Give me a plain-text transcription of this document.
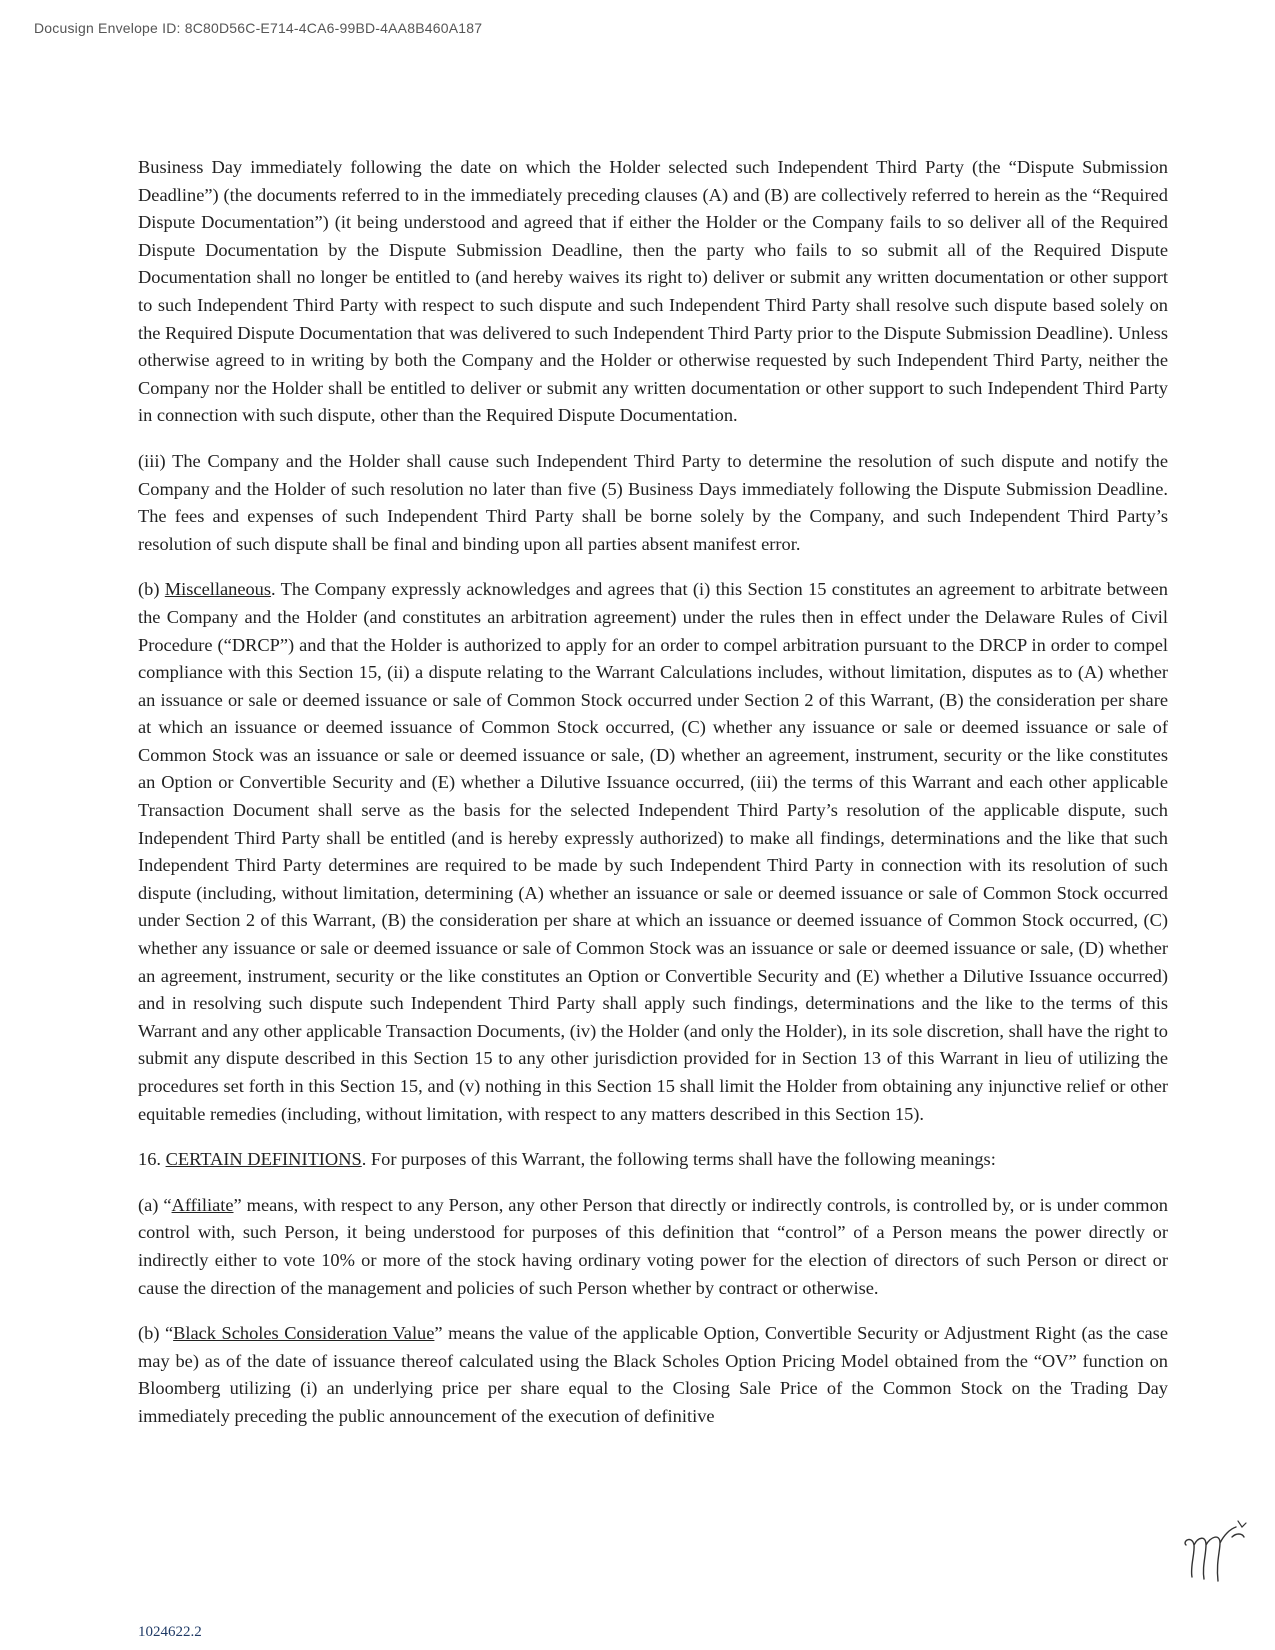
Docusign Envelope ID: 8C80D56C-E714-4CA6-99BD-4AA8B460A187

Business Day immediately following the date on which the Holder selected such Independent Third Party (the “Dispute Submission Deadline”) (the documents referred to in the immediately preceding clauses (A) and (B) are collectively referred to herein as the “Required Dispute Documentation”) (it being understood and agreed that if either the Holder or the Company fails to so deliver all of the Required Dispute Documentation by the Dispute Submission Deadline, then the party who fails to so submit all of the Required Dispute Documentation shall no longer be entitled to (and hereby waives its right to) deliver or submit any written documentation or other support to such Independent Third Party with respect to such dispute and such Independent Third Party shall resolve such dispute based solely on the Required Dispute Documentation that was delivered to such Independent Third Party prior to the Dispute Submission Deadline). Unless otherwise agreed to in writing by both the Company and the Holder or otherwise requested by such Independent Third Party, neither the Company nor the Holder shall be entitled to deliver or submit any written documentation or other support to such Independent Third Party in connection with such dispute, other than the Required Dispute Documentation.

(iii) The Company and the Holder shall cause such Independent Third Party to determine the resolution of such dispute and notify the Company and the Holder of such resolution no later than five (5) Business Days immediately following the Dispute Submission Deadline. The fees and expenses of such Independent Third Party shall be borne solely by the Company, and such Independent Third Party’s resolution of such dispute shall be final and binding upon all parties absent manifest error.

(b) Miscellaneous. The Company expressly acknowledges and agrees that (i) this Section 15 constitutes an agreement to arbitrate between the Company and the Holder (and constitutes an arbitration agreement) under the rules then in effect under the Delaware Rules of Civil Procedure (“DRCP”) and that the Holder is authorized to apply for an order to compel arbitration pursuant to the DRCP in order to compel compliance with this Section 15, (ii) a dispute relating to the Warrant Calculations includes, without limitation, disputes as to (A) whether an issuance or sale or deemed issuance or sale of Common Stock occurred under Section 2 of this Warrant, (B) the consideration per share at which an issuance or deemed issuance of Common Stock occurred, (C) whether any issuance or sale or deemed issuance or sale of Common Stock was an issuance or sale or deemed issuance or sale, (D) whether an agreement, instrument, security or the like constitutes an Option or Convertible Security and (E) whether a Dilutive Issuance occurred, (iii) the terms of this Warrant and each other applicable Transaction Document shall serve as the basis for the selected Independent Third Party’s resolution of the applicable dispute, such Independent Third Party shall be entitled (and is hereby expressly authorized) to make all findings, determinations and the like that such Independent Third Party determines are required to be made by such Independent Third Party in connection with its resolution of such dispute (including, without limitation, determining (A) whether an issuance or sale or deemed issuance or sale of Common Stock occurred under Section 2 of this Warrant, (B) the consideration per share at which an issuance or deemed issuance of Common Stock occurred, (C) whether any issuance or sale or deemed issuance or sale of Common Stock was an issuance or sale or deemed issuance or sale, (D) whether an agreement, instrument, security or the like constitutes an Option or Convertible Security and (E) whether a Dilutive Issuance occurred) and in resolving such dispute such Independent Third Party shall apply such findings, determinations and the like to the terms of this Warrant and any other applicable Transaction Documents, (iv) the Holder (and only the Holder), in its sole discretion, shall have the right to submit any dispute described in this Section 15 to any other jurisdiction provided for in Section 13 of this Warrant in lieu of utilizing the procedures set forth in this Section 15, and (v) nothing in this Section 15 shall limit the Holder from obtaining any injunctive relief or other equitable remedies (including, without limitation, with respect to any matters described in this Section 15).

16. CERTAIN DEFINITIONS. For purposes of this Warrant, the following terms shall have the following meanings:

(a) “Affiliate” means, with respect to any Person, any other Person that directly or indirectly controls, is controlled by, or is under common control with, such Person, it being understood for purposes of this definition that “control” of a Person means the power directly or indirectly either to vote 10% or more of the stock having ordinary voting power for the election of directors of such Person or direct or cause the direction of the management and policies of such Person whether by contract or otherwise.

(b) “Black Scholes Consideration Value” means the value of the applicable Option, Convertible Security or Adjustment Right (as the case may be) as of the date of issuance thereof calculated using the Black Scholes Option Pricing Model obtained from the “OV” function on Bloomberg utilizing (i) an underlying price per share equal to the Closing Sale Price of the Common Stock on the Trading Day immediately preceding the public announcement of the execution of definitive

1024622.2
